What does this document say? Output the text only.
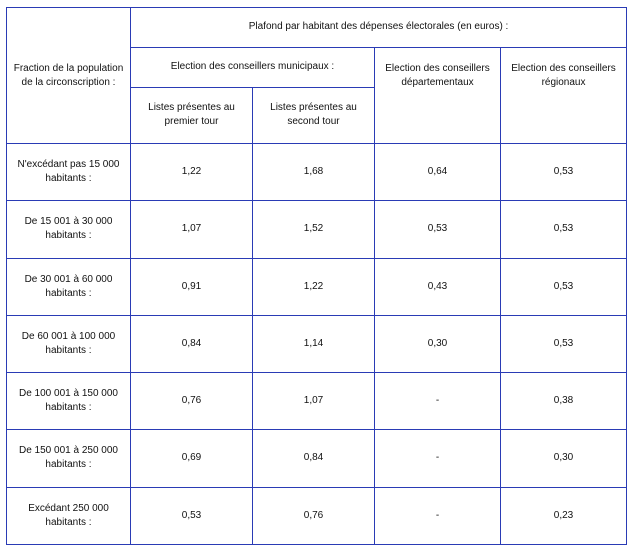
Fraction de la population de la circonscription :	Plafond par habitant des dépenses électorales (en euros) :			

	Election des conseillers municipaux :		Election des conseillers départementaux	Election des conseillers régionaux

	Listes présentes au premier tour	Listes présentes au second tour		

N'excédant pas 15 000 habitants :	1,22	1,68	0,64	0,53
De 15 001 à 30 000 habitants :	1,07	1,52	0,53	0,53
De 30 001 à 60 000 habitants :	0,91	1,22	0,43	0,53
De 60 001 à 100 000 habitants :	0,84	1,14	0,30	0,53
De 100 001 à 150 000 habitants :	0,76	1,07	-	0,38
De 150 001 à 250 000 habitants :	0,69	0,84	-	0,30
Excédant 250 000 habitants :	0,53	0,76	-	0,23
